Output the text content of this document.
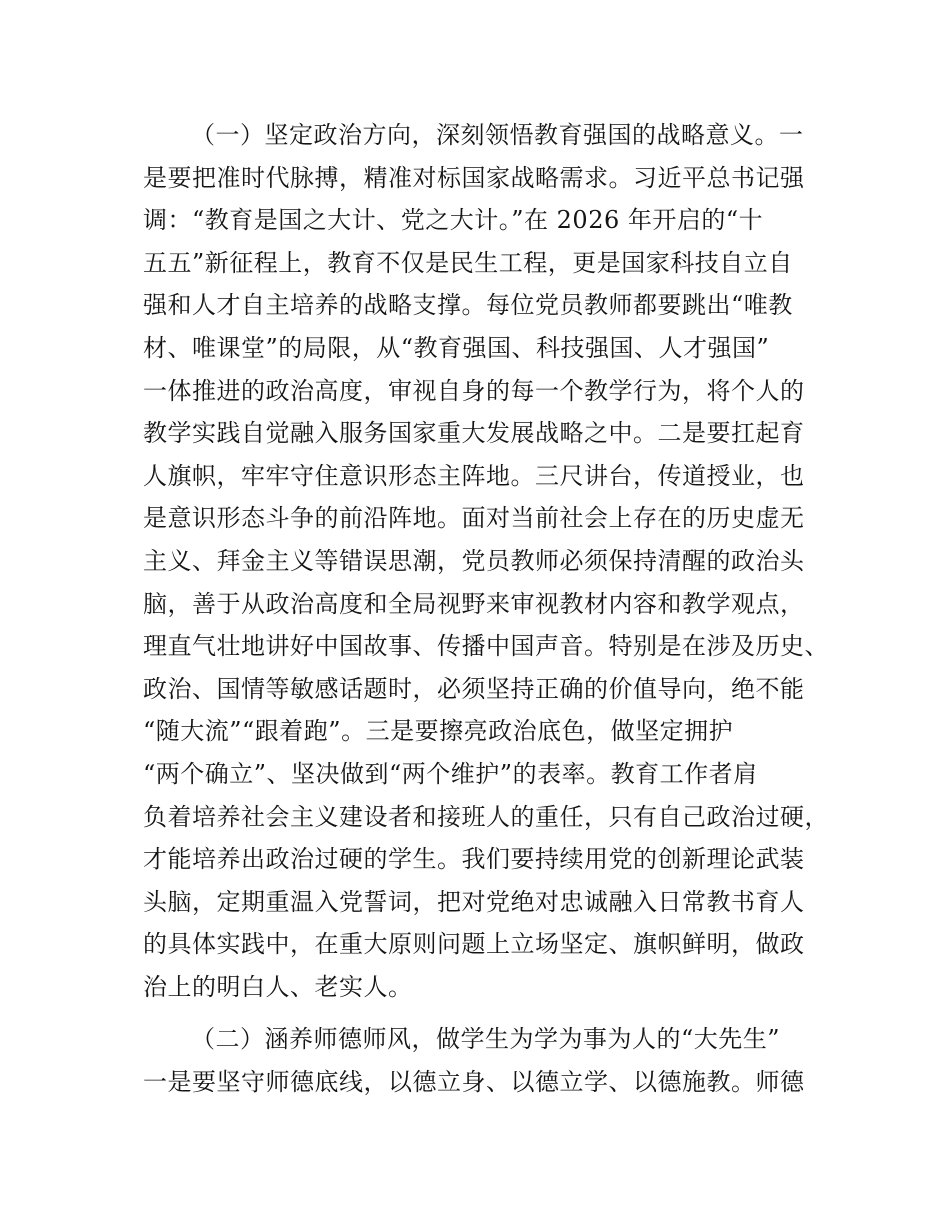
（一）坚定政治方向，深刻领悟教育强国的战略意义。一
是要把准时代脉搏，精准对标国家战略需求。习近平总书记强
调：“教育是国之大计、党之大计。”在 2026 年开启的“十
五五”新征程上，教育不仅是民生工程，更是国家科技自立自
强和人才自主培养的战略支撑。每位党员教师都要跳出“唯教
材、唯课堂”的局限，从“教育强国、科技强国、人才强国”
一体推进的政治高度，审视自身的每一个教学行为，将个人的
教学实践自觉融入服务国家重大发展战略之中。二是要扛起育
人旗帜，牢牢守住意识形态主阵地。三尺讲台，传道授业，也
是意识形态斗争的前沿阵地。面对当前社会上存在的历史虚无
主义、拜金主义等错误思潮，党员教师必须保持清醒的政治头
脑，善于从政治高度和全局视野来审视教材内容和教学观点，
理直气壮地讲好中国故事、传播中国声音。特别是在涉及历史、
政治、国情等敏感话题时，必须坚持正确的价值导向，绝不能
“随大流”“跟着跑”。三是要擦亮政治底色，做坚定拥护
“两个确立”、坚决做到“两个维护”的表率。教育工作者肩
负着培养社会主义建设者和接班人的重任，只有自己政治过硬，
才能培养出政治过硬的学生。我们要持续用党的创新理论武装
头脑，定期重温入党誓词，把对党绝对忠诚融入日常教书育人
的具体实践中，在重大原则问题上立场坚定、旗帜鲜明，做政
治上的明白人、老实人。
（二）涵养师德师风，做学生为学为事为人的“大先生”
一是要坚守师德底线，以德立身、以德立学、以德施教。师德
